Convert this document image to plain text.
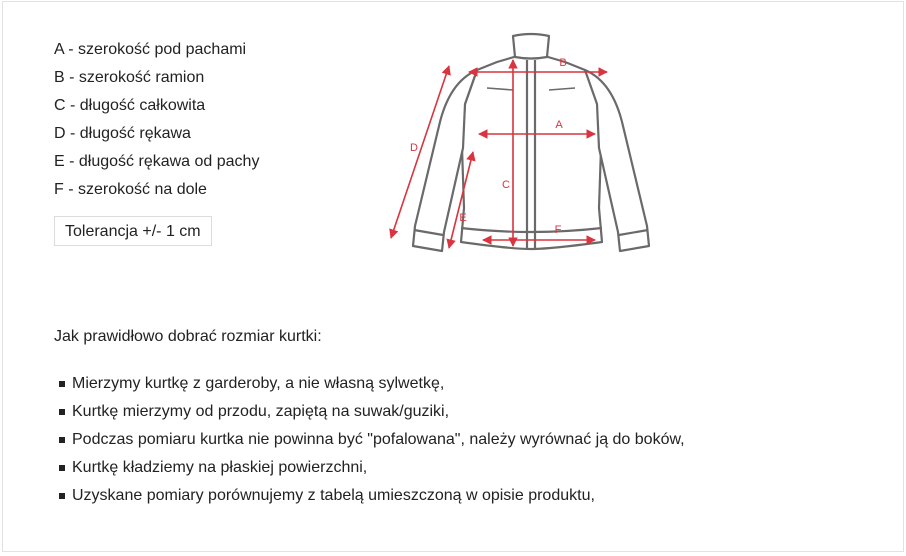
A - szerokość pod pachami
B - szerokość ramion
C - długość całkowita
D - długość rękawa
E - długość rękawa od pachy
F - szerokość na dole
Tolerancja +/- 1 cm
B
A
C
F
D
E
Jak prawidłowo dobrać rozmiar kurtki:
Mierzymy kurtkę z garderoby, a nie własną sylwetkę,
Kurtkę mierzymy od przodu, zapiętą na suwak/guziki,
Podczas pomiaru kurtka nie powinna być "pofalowana", należy wyrównać ją do boków,
Kurtkę kładziemy na płaskiej powierzchni,
Uzyskane pomiary porównujemy z tabelą umieszczoną w opisie produktu,
